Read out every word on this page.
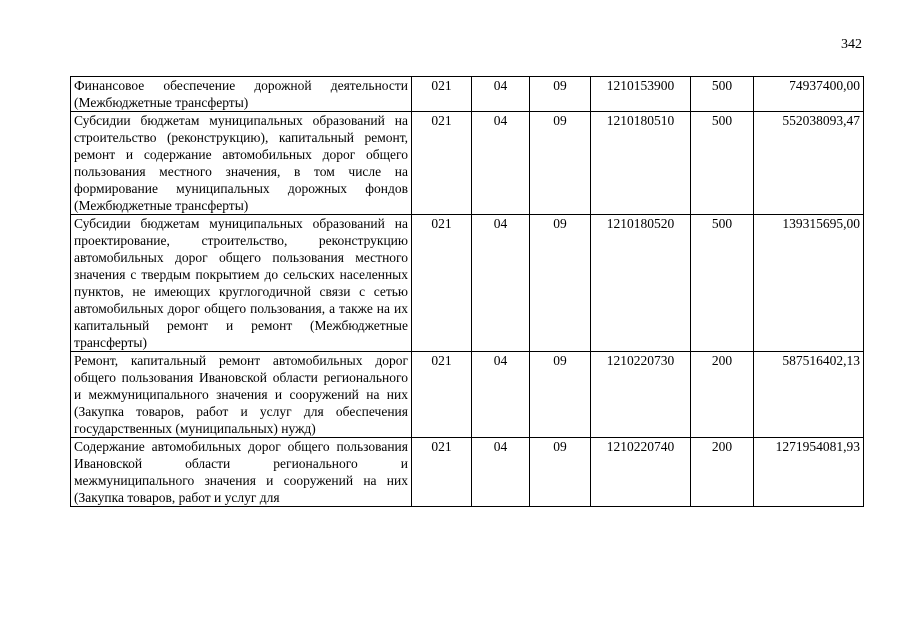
342
Финансовое обеспечение дорожной деятельности (Межбюджетные трансферты)	021	04	09	1210153900	500	74937400,00
Субсидии бюджетам муниципальных образований на строительство (реконструкцию), капитальный ремонт, ремонт и содержание автомобильных дорог общего пользования местного значения, в том числе на формирование муниципальных дорожных фондов (Межбюджетные трансферты)	021	04	09	1210180510	500	552038093,47
Субсидии бюджетам муниципальных образований на проектирование, строительство, реконструкцию автомобильных дорог общего пользования местного значения с твердым покрытием до сельских населенных пунктов, не имеющих круглогодичной связи с сетью автомобильных дорог общего пользования, а также на их капитальный ремонт и ремонт (Межбюджетные трансферты)	021	04	09	1210180520	500	139315695,00
Ремонт, капитальный ремонт автомобильных дорог общего пользования Ивановской области регионального и межмуниципального значения и сооружений на них (Закупка товаров, работ и услуг для обеспечения государственных (муниципальных) нужд)	021	04	09	1210220730	200	587516402,13

Содержание автомобильных дорог общего пользования Ивановской области регионального и межмуниципального значения и сооружений на них (Закупка товаров, работ и услуг для	021	04	09	1210220740	200	1271954081,93
